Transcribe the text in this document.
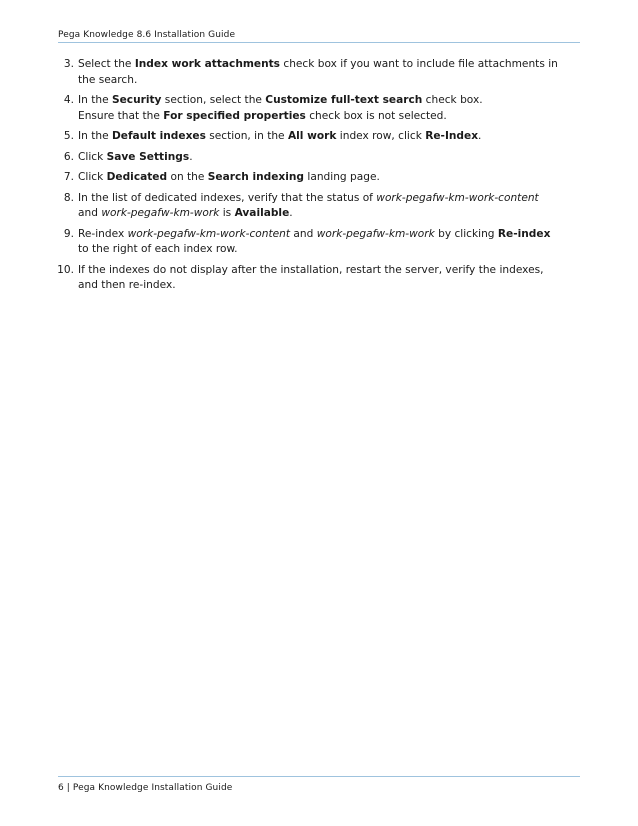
Pega Knowledge 8.6 Installation Guide
3. Select the Index work attachments check box if you want to include file attachments in the search.
4. In the Security section, select the Customize full-text search check box.
Ensure that the For specified properties check box is not selected.
5. In the Default indexes section, in the All work index row, click Re-Index.
6. Click Save Settings.
7. Click Dedicated on the Search indexing landing page.
8. In the list of dedicated indexes, verify that the status of work-pegafw-km-work-content and work-pegafw-km-work is Available.
9. Re-index work-pegafw-km-work-content and work-pegafw-km-work by clicking Re-index to the right of each index row.
10. If the indexes do not display after the installation, restart the server, verify the indexes, and then re-index.
6 | Pega Knowledge Installation Guide
